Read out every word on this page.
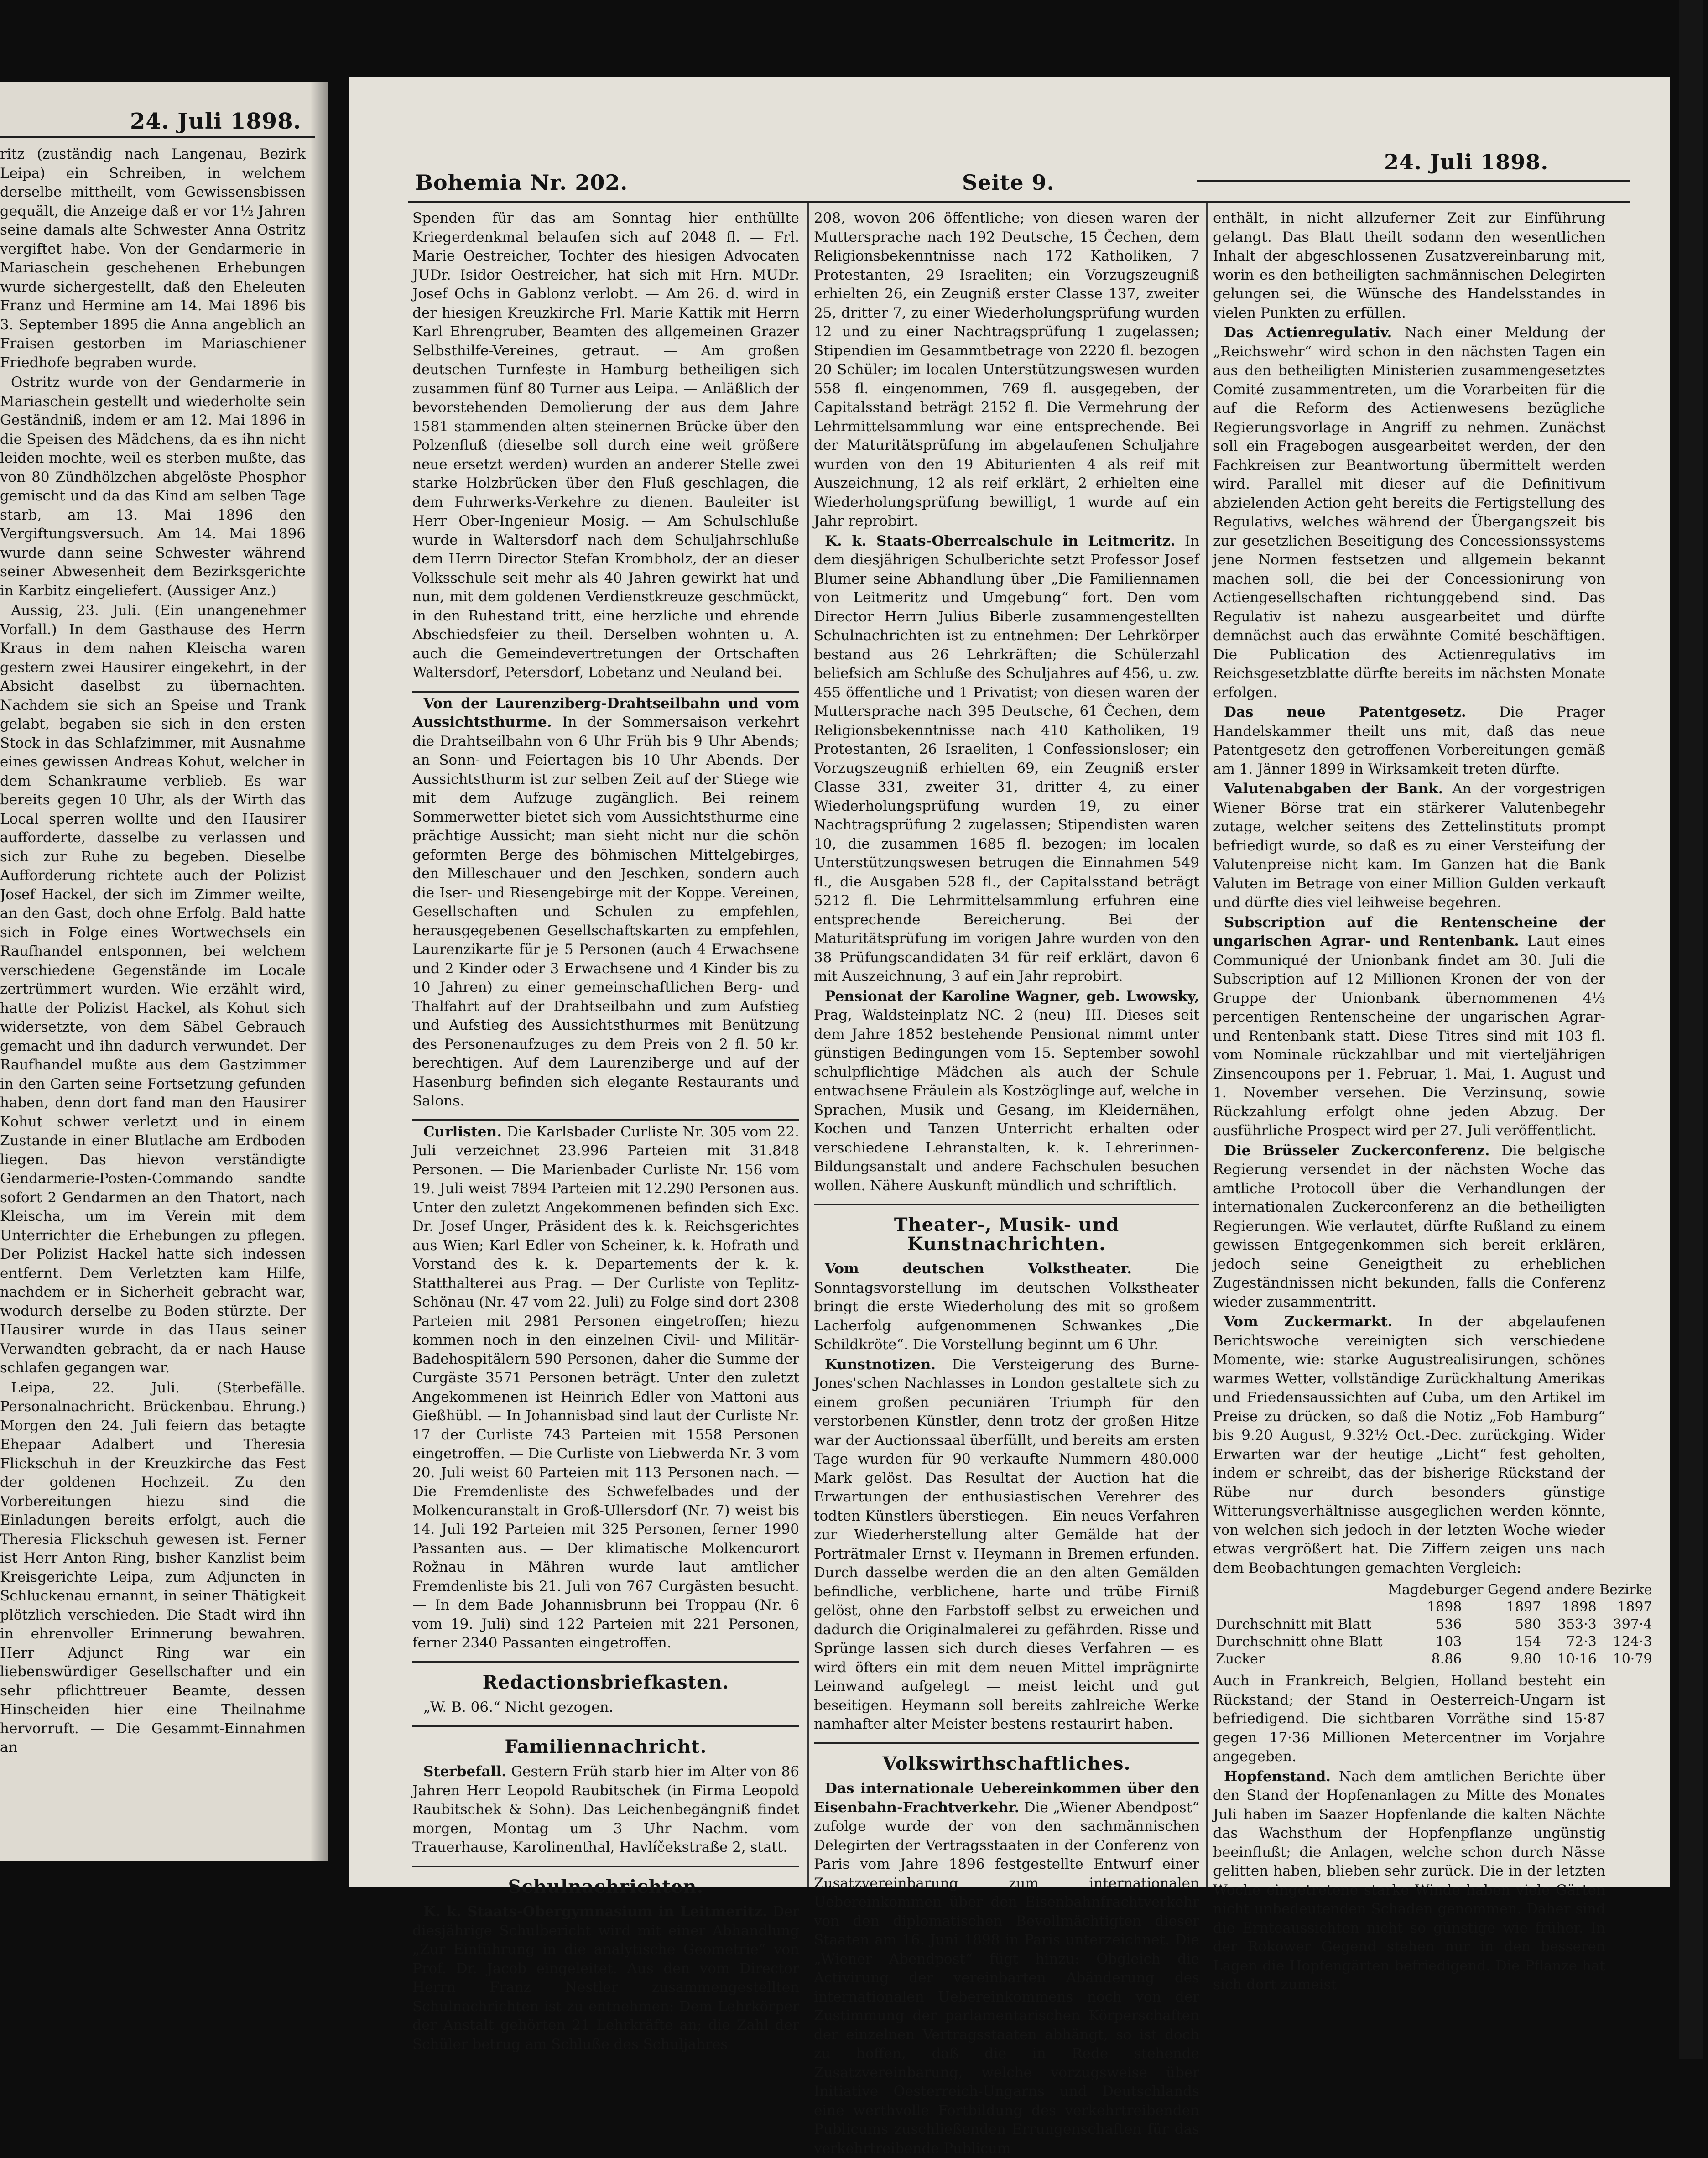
24. Juli 1898.

ritz (zuständig nach Langenau, Bezirk Leipa) ein Schreiben, in welchem derselbe mittheilt, vom Gewissensbissen gequält, die Anzeige daß er vor 1½ Jahren seine damals alte Schwester Anna Ostritz vergiftet habe. Von der Gendarmerie in Mariaschein geschehenen Erhebungen wurde sichergestellt, daß den Eheleuten Franz und Hermine am 14. Mai 1896 bis 3. September 1895 die Anna angeblich an Fraisen gestorben im Mariaschiener Friedhofe begraben wurde.

Ostritz wurde von der Gendarmerie in Mariaschein gestellt und wiederholte sein Geständniß, indem er am 12. Mai 1896 in die Speisen des Mädchens, da es ihn nicht leiden mochte, weil es sterben mußte, das von 80 Zündhölzchen abgelöste Phosphor gemischt und da das Kind am selben Tage starb, am 13. Mai 1896 den Vergiftungsversuch. Am 14. Mai 1896 wurde dann seine Schwester während seiner Abwesenheit dem Bezirksgerichte in Karbitz eingeliefert. (Aussiger Anz.)

Aussig, 23. Juli. (Ein unangenehmer Vorfall.) In dem Gasthause des Herrn Kraus in dem nahen Kleischa waren gestern zwei Hausirer eingekehrt, in der Absicht daselbst zu übernachten. Nachdem sie sich an Speise und Trank gelabt, begaben sie sich in den ersten Stock in das Schlafzimmer, mit Ausnahme eines gewissen Andreas Kohut, welcher in dem Schankraume verblieb. Es war bereits gegen 10 Uhr, als der Wirth das Local sperren wollte und den Hausirer aufforderte, dasselbe zu verlassen und sich zur Ruhe zu begeben. Dieselbe Aufforderung richtete auch der Polizist Josef Hackel, der sich im Zimmer weilte, an den Gast, doch ohne Erfolg. Bald hatte sich in Folge eines Wortwechsels ein Raufhandel entsponnen, bei welchem verschiedene Gegenstände im Locale zertrümmert wurden. Wie erzählt wird, hatte der Polizist Hackel, als Kohut sich widersetzte, von dem Säbel Gebrauch gemacht und ihn dadurch verwundet. Der Raufhandel mußte aus dem Gastzimmer in den Garten seine Fortsetzung gefunden haben, denn dort fand man den Hausirer Kohut schwer verletzt und in einem Zustande in einer Blutlache am Erdboden liegen. Das hievon verständigte Gendarmerie-Posten-Commando sandte sofort 2 Gendarmen an den Thatort, nach Kleischa, um im Verein mit dem Unterrichter die Erhebungen zu pflegen. Der Polizist Hackel hatte sich indessen entfernt. Dem Verletzten kam Hilfe, nachdem er in Sicherheit gebracht war, wodurch derselbe zu Boden stürzte. Der Hausirer wurde in das Haus seiner Verwandten gebracht, da er nach Hause schlafen gegangen war.

Leipa, 22. Juli. (Sterbefälle. Personalnachricht. Brückenbau. Ehrung.) Morgen den 24. Juli feiern das betagte Ehepaar Adalbert und Theresia Flickschuh in der Kreuzkirche das Fest der goldenen Hochzeit. Zu den Vorbereitungen hiezu sind die Einladungen bereits erfolgt, auch die Theresia Flickschuh gewesen ist. Ferner ist Herr Anton Ring, bisher Kanzlist beim Kreisgerichte Leipa, zum Adjuncten in Schluckenau ernannt, in seiner Thätigkeit plötzlich verschieden. Die Stadt wird ihn in ehrenvoller Erinnerung bewahren. Herr Adjunct Ring war ein liebenswürdiger Gesellschafter und ein sehr pflichttreuer Beamte, dessen Hinscheiden hier eine Theilnahme hervorruft. — Die Gesammt-Einnahmen an

Bohemia Nr. 202.	Seite 9.
24. Juli 1898.

Spenden für das am Sonntag hier enthüllte Kriegerdenkmal belaufen sich auf 2048 fl. — Frl. Marie Oestreicher, Tochter des hiesigen Advocaten JUDr. Isidor Oestreicher, hat sich mit Hrn. MUDr. Josef Ochs in Gablonz verlobt. — Am 26. d. wird in der hiesigen Kreuzkirche Frl. Marie Kattik mit Herrn Karl Ehrengruber, Beamten des allgemeinen Grazer Selbsthilfe-Vereines, getraut. — Am großen deutschen Turnfeste in Hamburg betheiligen sich zusammen fünf 80 Turner aus Leipa. — Anläßlich der bevorstehenden Demolierung der aus dem Jahre 1581 stammenden alten steinernen Brücke über den Polzenfluß (dieselbe soll durch eine weit größere neue ersetzt werden) wurden an anderer Stelle zwei starke Holzbrücken über den Fluß geschlagen, die dem Fuhrwerks-Verkehre zu dienen. Bauleiter ist Herr Ober-Ingenieur Mosig. — Am Schulschluße wurde in Waltersdorf nach dem Schuljahrschluße dem Herrn Director Stefan Krombholz, der an dieser Volksschule seit mehr als 40 Jahren gewirkt hat und nun, mit dem goldenen Verdienstkreuze geschmückt, in den Ruhestand tritt, eine herzliche und ehrende Abschiedsfeier zu theil. Derselben wohnten u. A. auch die Gemeindevertretungen der Ortschaften Waltersdorf, Petersdorf, Lobetanz und Neuland bei.

Von der Laurenziberg-Drahtseilbahn und vom Aussichtsthurme. In der Sommersaison verkehrt die Drahtseilbahn von 6 Uhr Früh bis 9 Uhr Abends; an Sonn- und Feiertagen bis 10 Uhr Abends. Der Aussichtsthurm ist zur selben Zeit auf der Stiege wie mit dem Aufzuge zugänglich. Bei reinem Sommerwetter bietet sich vom Aussichtsthurme eine prächtige Aussicht; man sieht nicht nur die schön geformten Berge des böhmischen Mittelgebirges, den Milleschauer und den Jeschken, sondern auch die Iser- und Riesengebirge mit der Koppe. Vereinen, Gesellschaften und Schulen zu empfehlen, herausgegebenen Gesellschaftskarten zu empfehlen, Laurenzikarte für je 5 Personen (auch 4 Erwachsene und 2 Kinder oder 3 Erwachsene und 4 Kinder bis zu 10 Jahren) zu einer gemeinschaftlichen Berg- und Thalfahrt auf der Drahtseilbahn und zum Aufstieg und Aufstieg des Aussichtsthurmes mit Benützung des Personenaufzuges zu dem Preis von 2 fl. 50 kr. berechtigen. Auf dem Laurenziberge und auf der Hasenburg befinden sich elegante Restaurants und Salons.

Curlisten. Die Karlsbader Curliste Nr. 305 vom 22. Juli verzeichnet 23.996 Parteien mit 31.848 Personen. — Die Marienbader Curliste Nr. 156 vom 19. Juli weist 7894 Parteien mit 12.290 Personen aus. Unter den zuletzt Angekommenen befinden sich Exc. Dr. Josef Unger, Präsident des k. k. Reichsgerichtes aus Wien; Karl Edler von Scheiner, k. k. Hofrath und Vorstand des k. k. Departements der k. k. Statthalterei aus Prag. — Der Curliste von Teplitz-Schönau (Nr. 47 vom 22. Juli) zu Folge sind dort 2308 Parteien mit 2981 Personen eingetroffen; hiezu kommen noch in den einzelnen Civil- und Militär-Badehospitälern 590 Personen, daher die Summe der Curgäste 3571 Personen beträgt. Unter den zuletzt Angekommenen ist Heinrich Edler von Mattoni aus Gießhübl. — In Johannisbad sind laut der Curliste Nr. 17 der Curliste 743 Parteien mit 1558 Personen eingetroffen. — Die Curliste von Liebwerda Nr. 3 vom 20. Juli weist 60 Parteien mit 113 Personen nach. — Die Fremdenliste des Schwefelbades und der Molkencuranstalt in Groß-Ullersdorf (Nr. 7) weist bis 14. Juli 192 Parteien mit 325 Personen, ferner 1990 Passanten aus. — Der klimatische Molkencurort Rožnau in Mähren wurde laut amtlicher Fremdenliste bis 21. Juli von 767 Curgästen besucht. — In dem Bade Johannisbrunn bei Troppau (Nr. 6 vom 19. Juli) sind 122 Parteien mit 221 Personen, ferner 2340 Passanten eingetroffen.

Redactionsbriefkasten.

„W. B. 06.“ Nicht gezogen.

Familiennachricht.

Sterbefall. Gestern Früh starb hier im Alter von 86 Jahren Herr Leopold Raubitschek (in Firma Leopold Raubitschek & Sohn). Das Leichenbegängniß findet morgen, Montag um 3 Uhr Nachm. vom Trauerhause, Karolinenthal, Havlíčekstraße 2, statt.

Schulnachrichten.

K. k. Staats-Obergymnasium in Leitmeritz. Der diesjährige Schulbericht wird mit einer Abhandlung „Zur Einführung in die analytische Geometrie“ von Prof. Dr. Jacob eingeleitet. Aus den vom Director Herrn Franz Nestler zusammengestellten Schulnachrichten ist zu entnehmen: Dem Lehrkörper der Anstalt gehörten 21 Lehrkräfte an; die Zahl der Schüler betrug am Schluße des Schuljahres

208, wovon 206 öffentliche; von diesen waren der Muttersprache nach 192 Deutsche, 15 Čechen, dem Religionsbekenntnisse nach 172 Katholiken, 7 Protestanten, 29 Israeliten; ein Vorzugszeugniß erhielten 26, ein Zeugniß erster Classe 137, zweiter 25, dritter 7, zu einer Wiederholungsprüfung wurden 12 und zu einer Nachtragsprüfung 1 zugelassen; Stipendien im Gesammtbetrage von 2220 fl. bezogen 20 Schüler; im localen Unterstützungswesen wurden 558 fl. eingenommen, 769 fl. ausgegeben, der Capitalsstand beträgt 2152 fl. Die Vermehrung der Lehrmittelsammlung war eine entsprechende. Bei der Maturitätsprüfung im abgelaufenen Schuljahre wurden von den 19 Abiturienten 4 als reif mit Auszeichnung, 12 als reif erklärt, 2 erhielten eine Wiederholungsprüfung bewilligt, 1 wurde auf ein Jahr reprobirt.

K. k. Staats-Oberrealschule in Leitmeritz. In dem diesjährigen Schulberichte setzt Professor Josef Blumer seine Abhandlung über „Die Familiennamen von Leitmeritz und Umgebung“ fort. Den vom Director Herrn Julius Biberle zusammengestellten Schulnachrichten ist zu entnehmen: Der Lehrkörper bestand aus 26 Lehrkräften; die Schülerzahl beliefsich am Schluße des Schuljahres auf 456, u. zw. 455 öffentliche und 1 Privatist; von diesen waren der Muttersprache nach 395 Deutsche, 61 Čechen, dem Religionsbekenntnisse nach 410 Katholiken, 19 Protestanten, 26 Israeliten, 1 Confessionsloser; ein Vorzugszeugniß erhielten 69, ein Zeugniß erster Classe 331, zweiter 31, dritter 4, zu einer Wiederholungsprüfung wurden 19, zu einer Nachtragsprüfung 2 zugelassen; Stipendisten waren 10, die zusammen 1685 fl. bezogen; im localen Unterstützungswesen betrugen die Einnahmen 549 fl., die Ausgaben 528 fl., der Capitalsstand beträgt 5212 fl. Die Lehrmittelsammlung erfuhren eine entsprechende Bereicherung. Bei der Maturitätsprüfung im vorigen Jahre wurden von den 38 Prüfungscandidaten 34 für reif erklärt, davon 6 mit Auszeichnung, 3 auf ein Jahr reprobirt.

Pensionat der Karoline Wagner, geb. Lwowsky, Prag, Waldsteinplatz NC. 2 (neu)—III. Dieses seit dem Jahre 1852 bestehende Pensionat nimmt unter günstigen Bedingungen vom 15. September sowohl schulpflichtige Mädchen als auch der Schule entwachsene Fräulein als Kostzöglinge auf, welche in Sprachen, Musik und Gesang, im Kleidernähen, Kochen und Tanzen Unterricht erhalten oder verschiedene Lehranstalten, k. k. Lehrerinnen-Bildungsanstalt und andere Fachschulen besuchen wollen. Nähere Auskunft mündlich und schriftlich.

Theater-, Musik- und Kunstnachrichten.

Vom deutschen Volkstheater.	Die Sonntagsvorstellung im deutschen Volkstheater bringt die erste Wiederholung des mit so großem Lacherfolg aufgenommenen Schwankes „Die Schildkröte“. Die Vorstellung beginnt um 6 Uhr.

Kunstnotizen. Die Versteigerung des Burne-Jones'schen Nachlasses in London gestaltete sich zu einem großen pecuniären Triumph für den verstorbenen Künstler, denn trotz der großen Hitze war der Auctionssaal überfüllt, und bereits am ersten Tage wurden für 90 verkaufte Nummern 480.000 Mark gelöst. Das Resultat der Auction hat die Erwartungen der enthusiastischen Verehrer des todten Künstlers überstiegen. — Ein neues Verfahren zur Wiederherstellung alter Gemälde hat der Porträtmaler Ernst v. Heymann in Bremen erfunden. Durch dasselbe werden die an den alten Gemälden befindliche, verblichene, harte und trübe Firniß gelöst, ohne den Farbstoff selbst zu erweichen und dadurch die Originalmalerei zu gefährden. Risse und Sprünge lassen sich durch dieses Verfahren — es wird öfters ein mit dem neuen Mittel imprägnirte Leinwand aufgelegt — meist leicht und gut beseitigen. Heymann soll bereits zahlreiche Werke namhafter alter Meister bestens restaurirt haben.

Volkswirthschaftliches.

Das internationale Uebereinkommen über den Eisenbahn-Frachtverkehr. Die „Wiener Abendpost“ zufolge wurde der von den sachmännischen Delegirten der Vertragsstaaten in der Conferenz von Paris vom Jahre 1896 festgestellte Entwurf einer Zusatzvereinbarung zum internationalen Uebereinkommen über den Eisenbahnfrachtverkehr von den diplomatischen Bevollmächtigten dieser Staaten am 16. Juni 1898 in Paris unterzeichnet. Die „Wiener Abendpost“ fügt hinzu: Obgleich die Activirung der vereinbarten Abänderung des internationalen Uebereinkommens noch von der Zustimmung der parlamentarischen Körperschaften der einzelnen Vertragsstaaten abhängt, so ist doch zu hoffen, daß die in Rede stehende Zusatzvereinbarung, welche vorzugsweise über Initiative Oesterreich-Ungarns und Deutschlands eine werthvolle Fortbildung des verkehrtreibenden Publicums zuschließenden Errungenschaften für das verkehrtreibende Publicum

enthält, in nicht allzuferner Zeit zur Einführung gelangt. Das Blatt theilt sodann den wesentlichen Inhalt der abgeschlossenen Zusatzvereinbarung mit, worin es den betheiligten sachmännischen Delegirten gelungen sei, die Wünsche des Handelsstandes in vielen Punkten zu erfüllen.

Das Actienregulativ. Nach einer Meldung der „Reichswehr“ wird schon in den nächsten Tagen ein aus den betheiligten Ministerien zusammengesetztes Comité zusammentreten, um die Vorarbeiten für die auf die Reform des Actienwesens bezügliche Regierungsvorlage in Angriff zu nehmen. Zunächst soll ein Fragebogen ausgearbeitet werden, der den Fachkreisen zur Beantwortung übermittelt werden wird. Parallel mit dieser auf die Definitivum abzielenden Action geht bereits die Fertigstellung des Regulativs, welches während der Übergangszeit bis zur gesetzlichen Beseitigung des Concessionssystems jene Normen festsetzen und allgemein bekannt machen soll, die bei der Concessionirung von Actiengesellschaften richtunggebend sind. Das Regulativ ist nahezu ausgearbeitet und dürfte demnächst auch das erwähnte Comité beschäftigen. Die Publication des Actienregulativs im Reichsgesetzblatte dürfte bereits im nächsten Monate erfolgen.

Das neue Patentgesetz. Die Prager Handelskammer theilt uns mit, daß das neue Patentgesetz den getroffenen Vorbereitungen gemäß am 1. Jänner 1899 in Wirksamkeit treten dürfte.

Valutenabgaben der Bank. An der vorgestrigen Wiener Börse trat ein stärkerer Valutenbegehr zutage, welcher seitens des Zettelinstituts prompt befriedigt wurde, so daß es zu einer Versteifung der Valutenpreise nicht kam. Im Ganzen hat die Bank Valuten im Betrage von einer Million Gulden verkauft und dürfte dies viel leihweise begehren.

Subscription auf die Rentenscheine der ungarischen Agrar- und Rentenbank. Laut eines Communiqué der Unionbank findet am 30. Juli die Subscription auf 12 Millionen Kronen der von der Gruppe der Unionbank übernommenen 4⅓ percentigen Rentenscheine der ungarischen Agrar- und Rentenbank statt. Diese Titres sind mit 103 fl. vom Nominale rückzahlbar und mit vierteljährigen Zinsencoupons per 1. Februar, 1. Mai, 1. August und 1. November versehen. Die Verzinsung, sowie Rückzahlung erfolgt ohne jeden Abzug. Der ausführliche Prospect wird per 27. Juli veröffentlicht.

Die Brüsseler Zuckerconferenz. Die belgische Regierung versendet in der nächsten Woche das amtliche Protocoll über die Verhandlungen der internationalen Zuckerconferenz an die betheiligten Regierungen. Wie verlautet, dürfte Rußland zu einem gewissen Entgegenkommen sich bereit erklären, jedoch seine Geneigtheit zu erheblichen Zugeständnissen nicht bekunden, falls die Conferenz wieder zusammentritt.

Vom Zuckermarkt. In der abgelaufenen Berichtswoche vereinigten sich verschiedene Momente, wie: starke Augustrealisirungen, schönes warmes Wetter, vollständige Zurückhaltung Amerikas und Friedensaussichten auf Cuba, um den Artikel im Preise zu drücken, so daß die Notiz „Fob Hamburg“ bis 9.20 August, 9.32½ Oct.-Dec. zurückging. Wider Erwarten war der heutige „Licht“ fest geholten, indem er schreibt, das der bisherige Rückstand der Rübe nur durch besonders günstige Witterungsverhältnisse ausgeglichen werden könnte, von welchen sich jedoch in der letzten Woche wieder etwas vergrößert hat. Die Ziffern zeigen uns nach dem Beobachtungen gemachten Vergleich:

	Magdeburger Gegend		andere Bezirke	
	1898	1897	1898	1897
Durchschnitt mit Blatt	536	580	353·3	397·4
Durchschnitt ohne Blatt	103	154	72·3	124·3
Zucker	8.86	9.80	10·16	10·79

Auch in Frankreich, Belgien, Holland besteht ein Rückstand; der Stand in Oesterreich-Ungarn ist befriedigend. Die sichtbaren Vorräthe sind 15·87 gegen 17·36 Millionen Metercentner im Vorjahre angegeben.

Hopfenstand. Nach dem amtlichen Berichte über den Stand der Hopfenanlagen zu Mitte des Monates Juli haben im Saazer Hopfenlande die kalten Nächte das Wachsthum der Hopfenpflanze ungünstig beeinflußt; die Anlagen, welche schon durch Nässe gelitten haben, blieben sehr zurück. Die in der letzten Woche eingetretene starke Winde haben viele Gärten nicht unbedeutenden Schaden genommen. Daher sind die Ernteaussichten nicht so günstige wie früher. In der Rokower Gegend stehen nur in den besseren Lagen die Hopfengärten befriedigend. Die Pflanze hat sich dort zumeist
